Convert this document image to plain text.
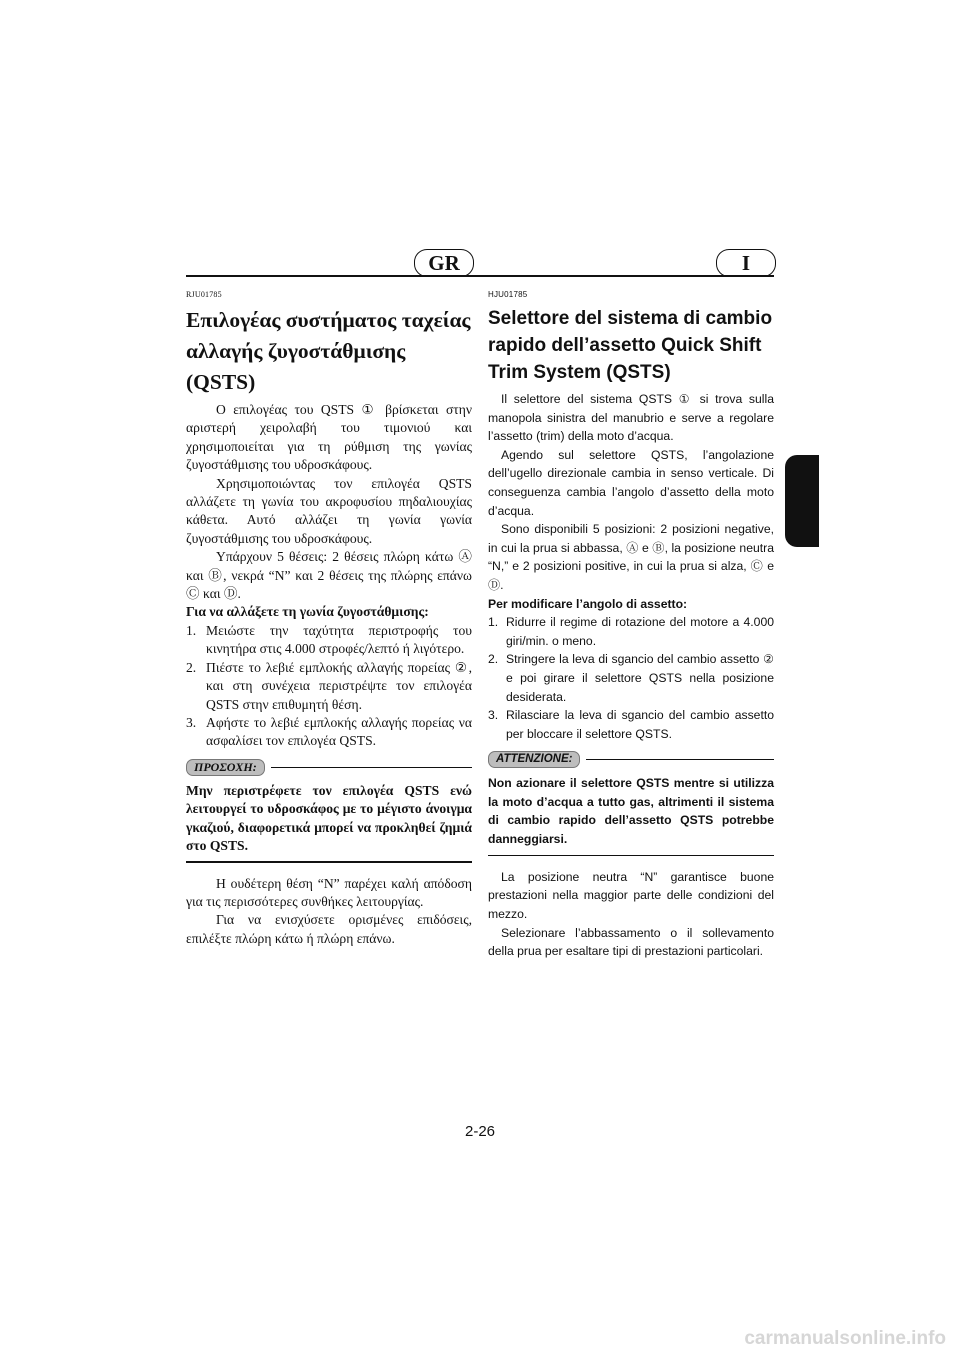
GR	I
RJU01785
Επιλογέας συστήματος ταχείας
αλλαγής ζυγοστάθμισης (QSTS)

Ο επιλογέας του QSTS ① βρίσκεται στην αριστερή χειρολαβή του τιμονιού και χρησιμοποιείται για τη ρύθμιση της γωνίας ζυγοστάθμισης του υδροσκάφους.

Χρησιμοποιώντας τον επιλογέα QSTS αλλάζετε τη γωνία του ακροφυσίου πηδαλιουχίας κάθετα. Αυτό αλλάζει τη γωνία γωνία ζυγοστάθμισης του υδροσκάφους.

Υπάρχουν 5 θέσεις: 2 θέσεις πλώρη κάτω Ⓐ και Ⓑ, νεκρά “N” και 2 θέσεις της πλώρης επάνω Ⓒ και Ⓓ.

Για να αλλάξετε τη γωνία ζυγοστάθμισης:
1. Μειώστε την ταχύτητα περιστροφής του κινητήρα στις 4.000 στροφές/λεπτό ή λιγότερο.
2. Πιέστε το λεβιέ εμπλοκής αλλαγής πορείας ②, και στη συνέχεια περιστρέψτε τον επιλογέα QSTS στην επιθυμητή θέση.
3. Αφήστε το λεβιέ εμπλοκής αλλαγής πορείας να ασφαλίσει τον επιλογέα QSTS.
ΠΡΟΣΟΧΗ:
Μην περιστρέφετε τον επιλογέα QSTS ενώ λειτουργεί το υδροσκάφος με το μέγιστο άνοιγμα γκαζιού, διαφορετικά μπορεί να προκληθεί ζημιά στο QSTS.

Η ουδέτερη θέση “N” παρέχει καλή απόδοση για τις περισσότερες συνθήκες λειτουργίας.

Για να ενισχύσετε ορισμένες επιδόσεις, επιλέξτε πλώρη κάτω ή πλώρη επάνω.

HJU01785
Selettore del sistema di cambio
rapido dell’assetto Quick Shift
Trim System (QSTS)

Il selettore del sistema QSTS ① si trova sulla manopola sinistra del manubrio e serve a regolare l’assetto (trim) della moto d’acqua.

Agendo sul selettore QSTS, l’angolazione dell’ugello direzionale cambia in senso verticale. Di conseguenza cambia l’angolo d’assetto della moto d’acqua.

Sono disponibili 5 posizioni: 2 posizioni negative, in cui la prua si abbassa, Ⓐ e Ⓑ, la posizione neutra “N,” e 2 posizioni positive, in cui la prua si alza, Ⓒ e Ⓓ.

Per modificare l’angolo di assetto:
1. Ridurre il regime di rotazione del motore a 4.000 giri/min. o meno.
2. Stringere la leva di sgancio del cambio assetto ② e poi girare il selettore QSTS nella posizione desiderata.
3. Rilasciare la leva di sgancio del cambio assetto per bloccare il selettore QSTS.
ATTENZIONE:
Non azionare il selettore QSTS mentre si utilizza la moto d’acqua a tutto gas, altrimenti il sistema di cambio rapido dell’assetto QSTS potrebbe danneggiarsi.

La posizione neutra “N” garantisce buone prestazioni nella maggior parte delle condizioni del mezzo.

Selezionare l’abbassamento o il sollevamento della prua per esaltare tipi di prestazioni particolari.

2-26
carmanualsonline.info
